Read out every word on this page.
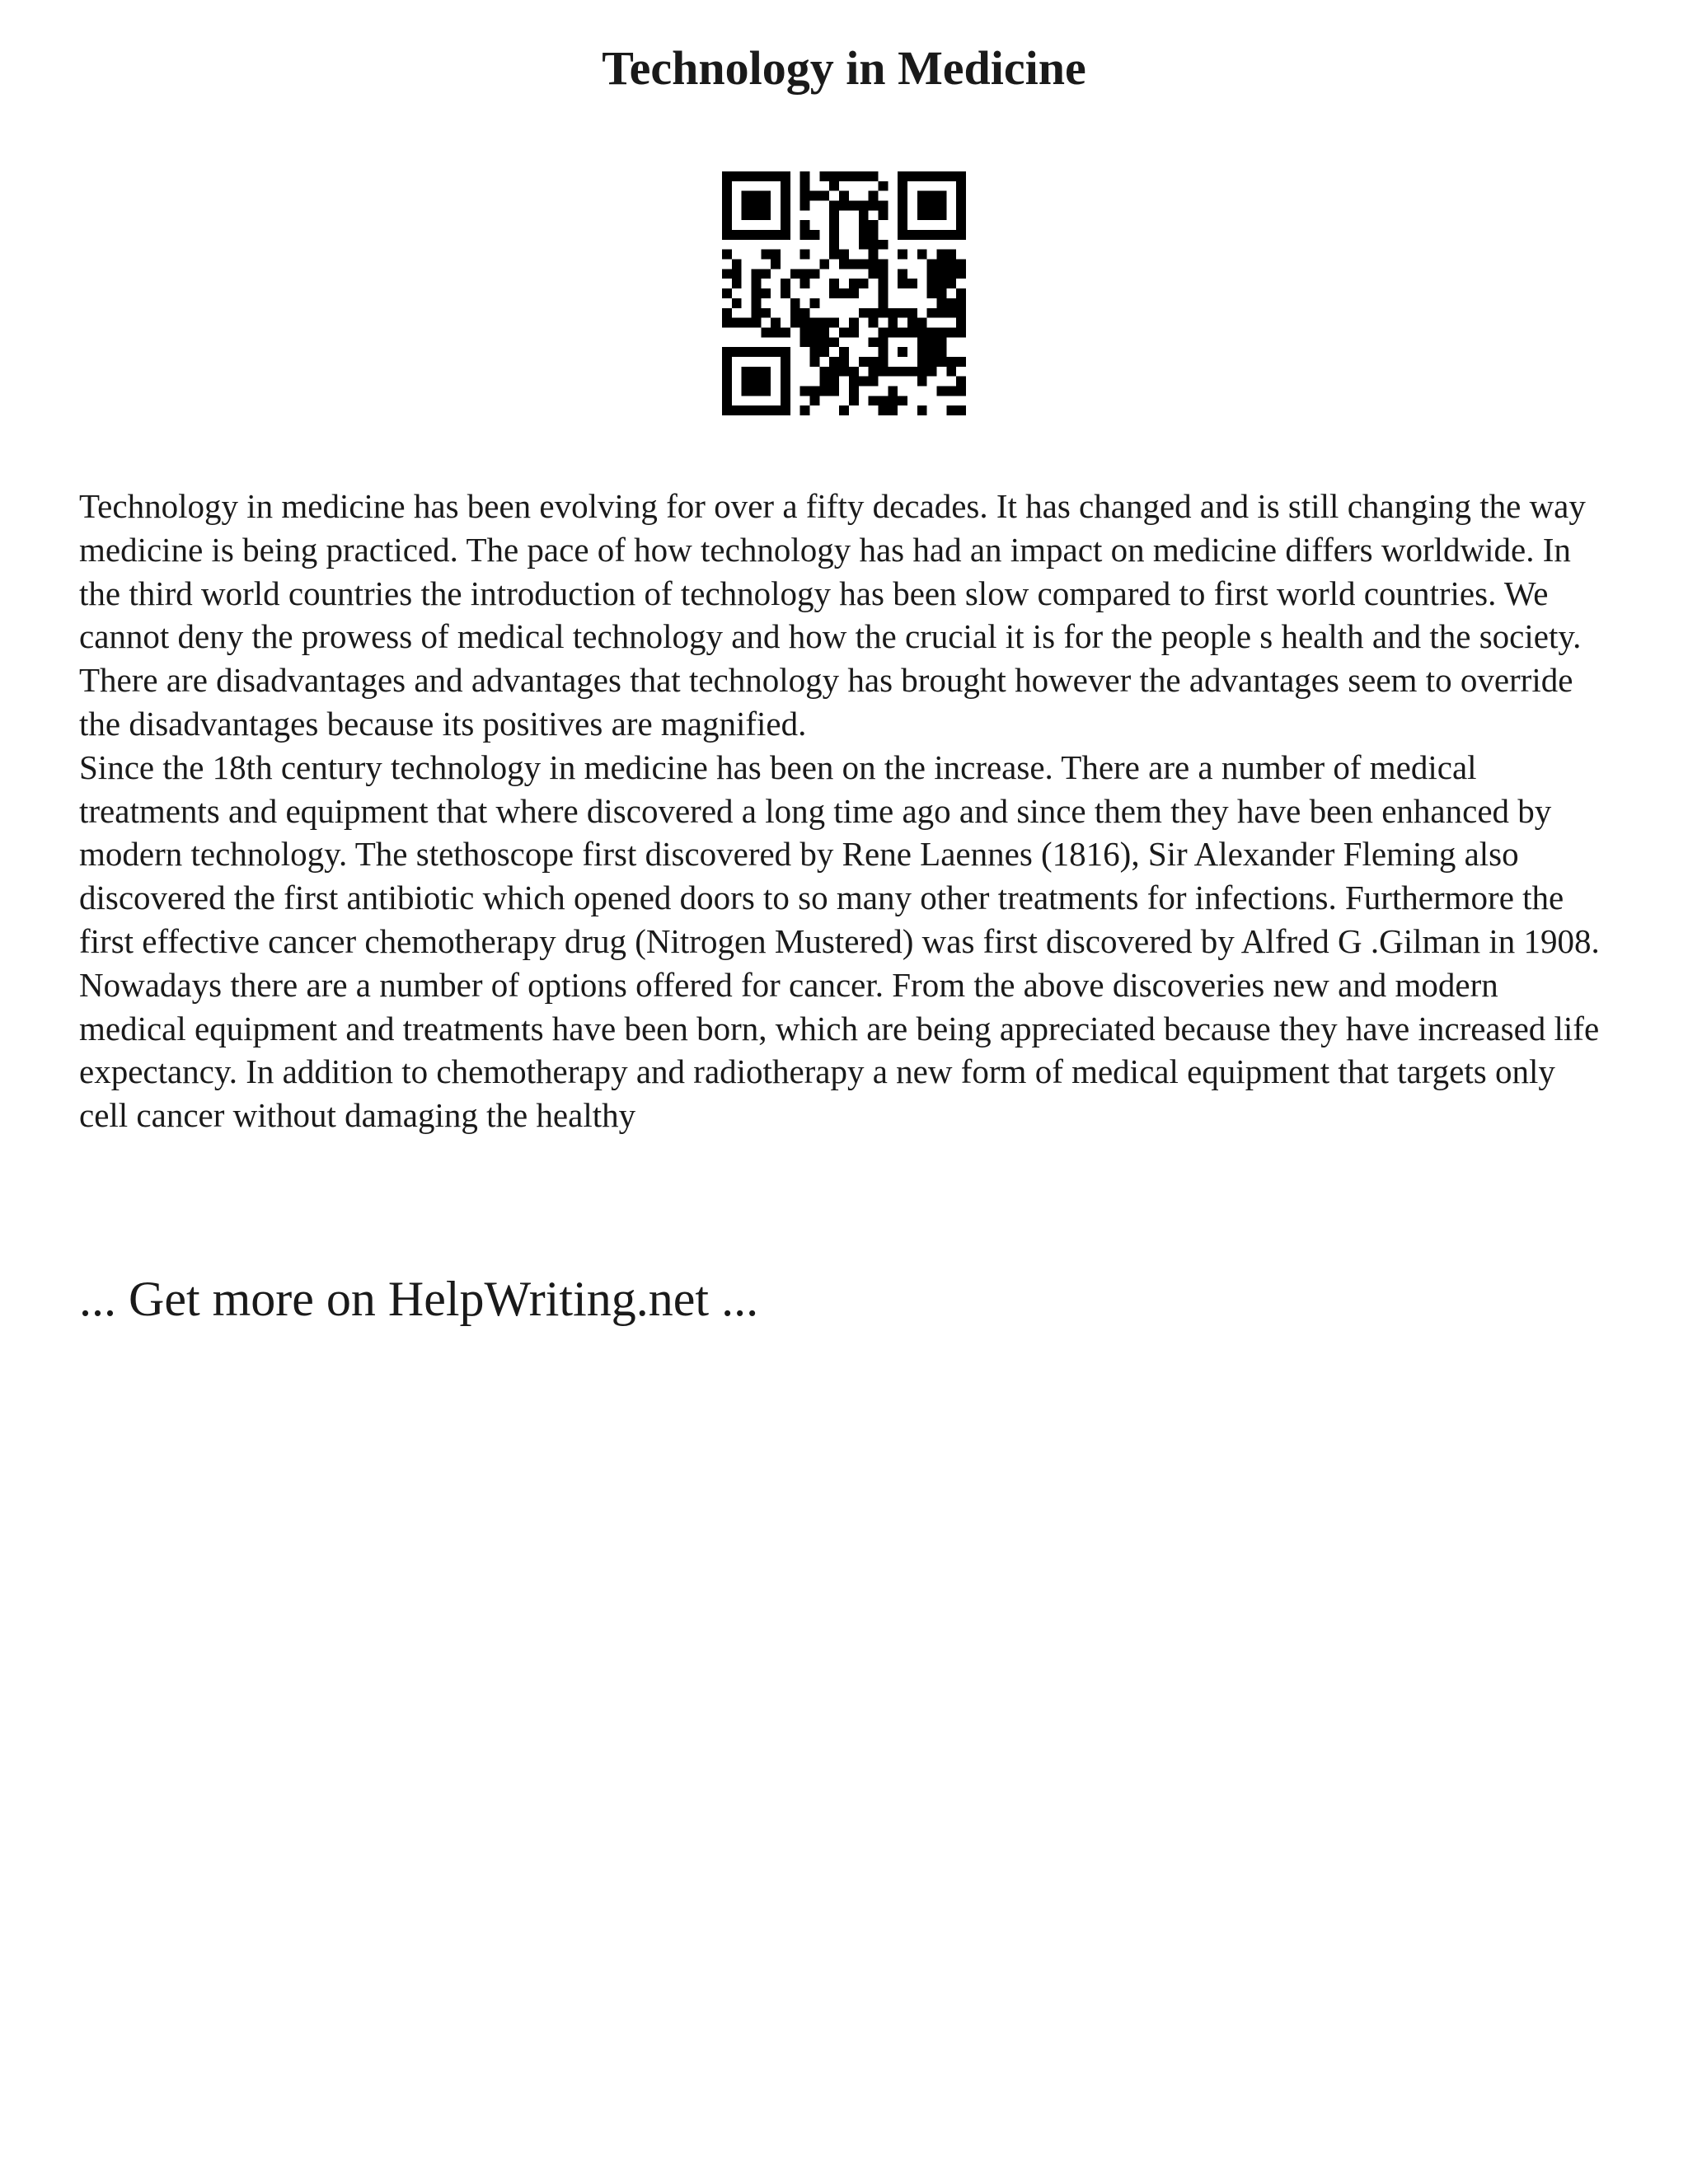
Technology in Medicine

Technology in medicine has been evolving for over a fifty decades. It has changed and is still changing the way medicine is being practiced. The pace of how technology has had an impact on medicine differs worldwide. In the third world countries the introduction of technology has been slow compared to first world countries. We cannot deny the prowess of medical technology and how the crucial it is for the people s health and the society. There are disadvantages and advantages that technology has brought however the advantages seem to override the disadvantages because its positives are magnified.

Since the 18th century technology in medicine has been on the increase. There are a number of medical treatments and equipment that where discovered a long time ago and since them they have been enhanced by modern technology. The stethoscope first discovered by Rene Laennes (1816), Sir Alexander Fleming also discovered the first antibiotic which opened doors to so many other treatments for infections. Furthermore the first effective cancer chemotherapy drug (Nitrogen Mustered) was first discovered by Alfred G .Gilman in 1908. Nowadays there are a number of options offered for cancer. From the above discoveries new and modern medical equipment and treatments have been born, which are being appreciated because they have increased life expectancy. In addition to chemotherapy and radiotherapy a new form of medical equipment that targets only cell cancer without damaging the healthy

... Get more on HelpWriting.net ...
